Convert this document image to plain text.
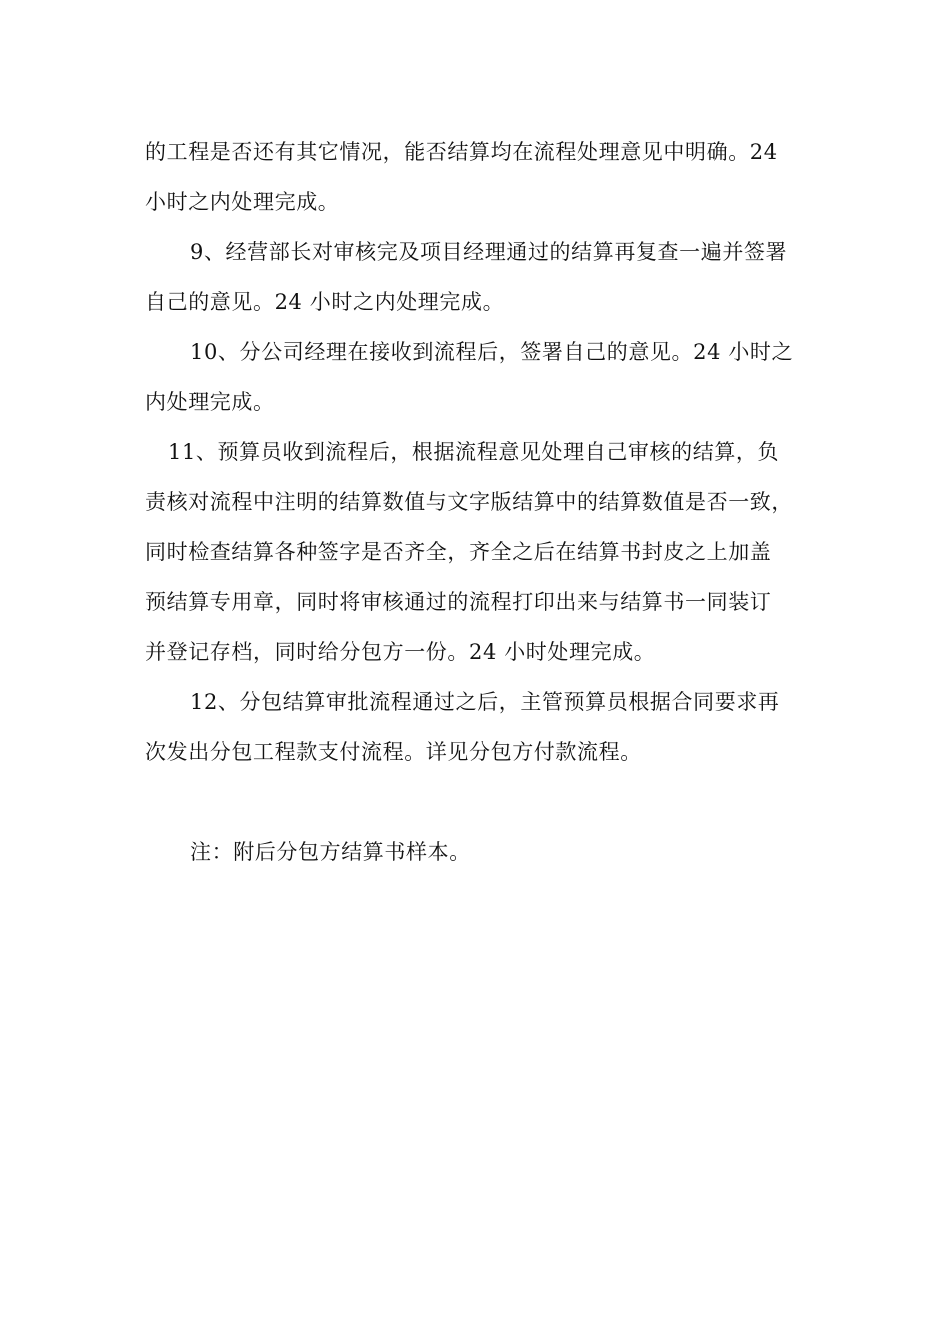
的工程是否还有其它情况，能否结算均在流程处理意见中明确。24
小时之内处理完成。
9、经营部长对审核完及项目经理通过的结算再复查一遍并签署
自己的意见。24 小时之内处理完成。
10、分公司经理在接收到流程后，签署自己的意见。24 小时之
内处理完成。
11、预算员收到流程后，根据流程意见处理自己审核的结算，负
责核对流程中注明的结算数值与文字版结算中的结算数值是否一致，
同时检查结算各种签字是否齐全，齐全之后在结算书封皮之上加盖
预结算专用章，同时将审核通过的流程打印出来与结算书一同装订
并登记存档，同时给分包方一份。24 小时处理完成。
12、分包结算审批流程通过之后，主管预算员根据合同要求再
次发出分包工程款支付流程。详见分包方付款流程。
注：附后分包方结算书样本。
